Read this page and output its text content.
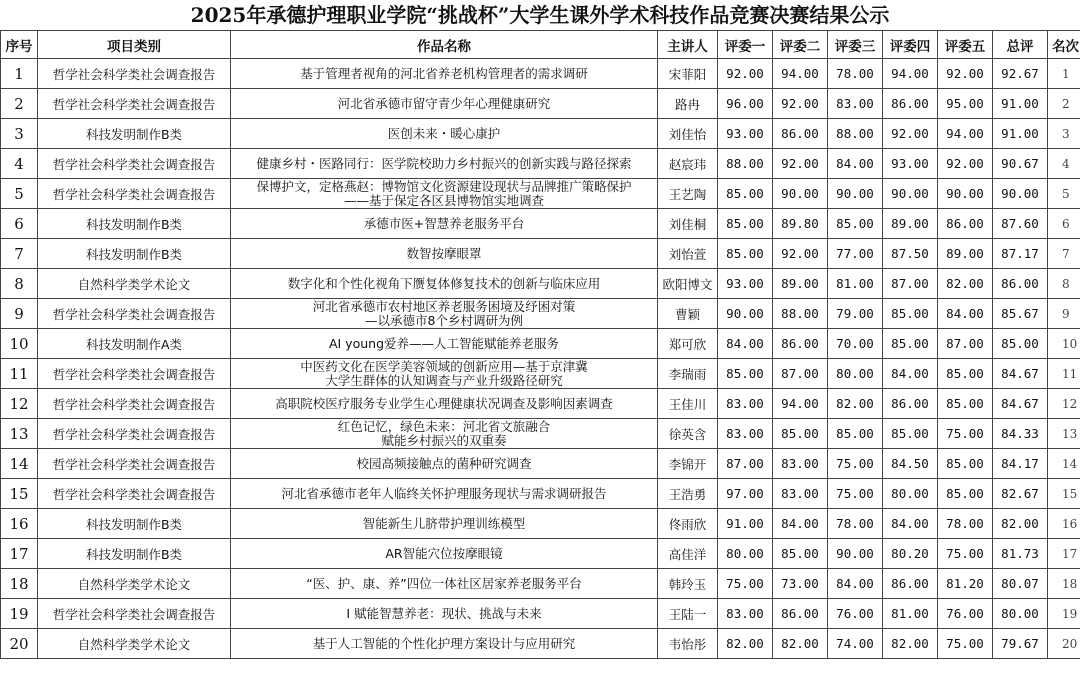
2025年承德护理职业学院“挑战杯”大学生课外学术科技作品竞赛决赛结果公示
序号	项目类别	作品名称	主讲人	评委一	评委二	评委三	评委四	评委五	总评	名次
1	哲学社会科学类社会调查报告	基于管理者视角的河北省养老机构管理者的需求调研	宋菲阳	92.00	94.00	78.00	94.00	92.00	92.67	1
2	哲学社会科学类社会调查报告	河北省承德市留守青少年心理健康研究	路冉	96.00	92.00	83.00	86.00	95.00	91.00	2
3	科技发明制作B类	医创未来・暖心康护	刘佳怡	93.00	86.00	88.00	92.00	94.00	91.00	3
4	哲学社会科学类社会调查报告	健康乡村・医路同行：医学院校助力乡村振兴的创新实践与路径探索	赵宸玮	88.00	92.00	84.00	93.00	92.00	90.67	4
5	哲学社会科学类社会调查报告	保博护文，定格燕赵：博物馆文化资源建设现状与品牌推广策略保护
——基于保定各区县博物馆实地调查	王艺陶	85.00	90.00	90.00	90.00	90.00	90.00	5
6	科技发明制作B类	承德市医+智慧养老服务平台	刘佳桐	85.00	89.80	85.00	89.00	86.00	87.60	6
7	科技发明制作B类	数智按摩眼罩	刘怡萱	85.00	92.00	77.00	87.50	89.00	87.17	7
8	自然科学类学术论文	数字化和个性化视角下赝复体修复技术的创新与临床应用	欧阳博文	93.00	89.00	81.00	87.00	82.00	86.00	8
9	哲学社会科学类社会调查报告	河北省承德市农村地区养老服务困境及纾困对策
—以承德市8个乡村调研为例	曹颖	90.00	88.00	79.00	85.00	84.00	85.67	9
10	科技发明制作A类	AI young爱养——人工智能赋能养老服务	郑可欣	84.00	86.00	70.00	85.00	87.00	85.00	10
11	哲学社会科学类社会调查报告	中医药文化在医学美容领域的创新应用—基于京津冀
大学生群体的认知调查与产业升级路径研究	李瑞雨	85.00	87.00	80.00	84.00	85.00	84.67	11
12	哲学社会科学类社会调查报告	高职院校医疗服务专业学生心理健康状况调查及影响因素调查	王佳川	83.00	94.00	82.00	86.00	85.00	84.67	12
13	哲学社会科学类社会调查报告	红色记忆，绿色未来：河北省文旅融合
赋能乡村振兴的双重奏	徐英含	83.00	85.00	85.00	85.00	75.00	84.33	13
14	哲学社会科学类社会调查报告	校园高频接触点的菌种研究调查	李锦开	87.00	83.00	75.00	84.50	85.00	84.17	14
15	哲学社会科学类社会调查报告	河北省承德市老年人临终关怀护理服务现状与需求调研报告	王浩勇	97.00	83.00	75.00	80.00	85.00	82.67	15
16	科技发明制作B类	智能新生儿脐带护理训练模型	佟雨欣	91.00	84.00	78.00	84.00	78.00	82.00	16
17	科技发明制作B类	AR智能穴位按摩眼镜	高佳洋	80.00	85.00	90.00	80.20	75.00	81.73	17
18	自然科学类学术论文	“医、护、康、养”四位一体社区居家养老服务平台	韩玲玉	75.00	73.00	84.00	86.00	81.20	80.07	18
19	哲学社会科学类社会调查报告	I 赋能智慧养老：现状、挑战与未来	王陆一	83.00	86.00	76.00	81.00	76.00	80.00	19
20	自然科学类学术论文	基于人工智能的个性化护理方案设计与应用研究	韦怡彤	82.00	82.00	74.00	82.00	75.00	79.67	20
